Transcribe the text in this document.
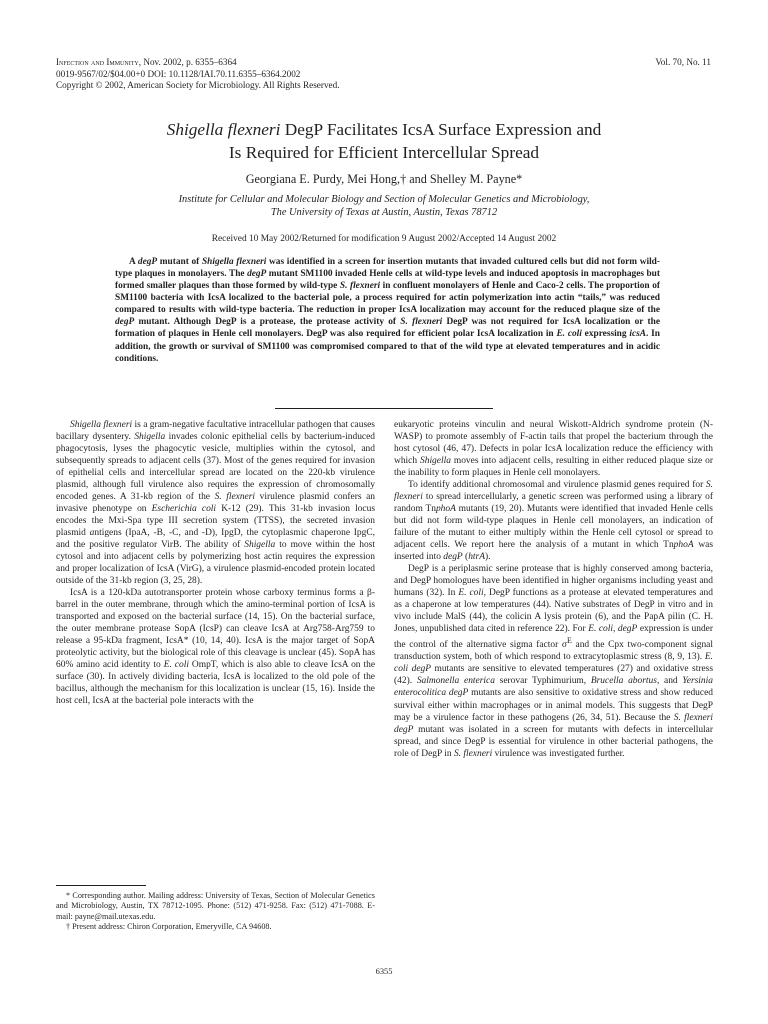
Infection and Immunity, Nov. 2002, p. 6355–6364
0019-9567/02/$04.00+0 DOI: 10.1128/IAI.70.11.6355–6364.2002
Copyright © 2002, American Society for Microbiology. All Rights Reserved.
Vol. 70, No. 11
Shigella flexneri DegP Facilitates IcsA Surface Expression and
Is Required for Efficient Intercellular Spread
Georgiana E. Purdy, Mei Hong,† and Shelley M. Payne*
Institute for Cellular and Molecular Biology and Section of Molecular Genetics and Microbiology,
The University of Texas at Austin, Austin, Texas 78712
Received 10 May 2002/Returned for modification 9 August 2002/Accepted 14 August 2002

A degP mutant of Shigella flexneri was identified in a screen for insertion mutants that invaded cultured cells but did not form wild-type plaques in monolayers. The degP mutant SM1100 invaded Henle cells at wild-type levels and induced apoptosis in macrophages but formed smaller plaques than those formed by wild-type S. flexneri in confluent monolayers of Henle and Caco-2 cells. The proportion of SM1100 bacteria with IcsA localized to the bacterial pole, a process required for actin polymerization into actin “tails,” was reduced compared to results with wild-type bacteria. The reduction in proper IcsA localization may account for the reduced plaque size of the degP mutant. Although DegP is a protease, the protease activity of S. flexneri DegP was not required for IcsA localization or the formation of plaques in Henle cell monolayers. DegP was also required for efficient polar IcsA localization in E. coli expressing icsA. In addition, the growth or survival of SM1100 was compromised compared to that of the wild type at elevated temperatures and in acidic conditions.

Shigella flexneri is a gram-negative facultative intracellular pathogen that causes bacillary dysentery. Shigella invades colonic epithelial cells by bacterium-induced phagocytosis, lyses the phagocytic vesicle, multiplies within the cytosol, and subsequently spreads to adjacent cells (37). Most of the genes required for invasion of epithelial cells and intercellular spread are located on the 220-kb virulence plasmid, although full virulence also requires the expression of chromosomally encoded genes. A 31-kb region of the S. flexneri virulence plasmid confers an invasive phenotype on Escherichia coli K-12 (29). This 31-kb invasion locus encodes the Mxi-Spa type III secretion system (TTSS), the secreted invasion plasmid antigens (IpaA, -B, -C, and -D), IpgD, the cytoplasmic chaperone IpgC, and the positive regulator VirB. The ability of Shigella to move within the host cytosol and into adjacent cells by polymerizing host actin requires the expression and proper localization of IcsA (VirG), a virulence plasmid-encoded protein located outside of the 31-kb region (3, 25, 28).

IcsA is a 120-kDa autotransporter protein whose carboxy terminus forms a β-barrel in the outer membrane, through which the amino-terminal portion of IcsA is transported and exposed on the bacterial surface (14, 15). On the bacterial surface, the outer membrane protease SopA (IcsP) can cleave IcsA at Arg758-Arg759 to release a 95-kDa fragment, IcsA* (10, 14, 40). IcsA is the major target of SopA proteolytic activity, but the biological role of this cleavage is unclear (45). SopA has 60% amino acid identity to E. coli OmpT, which is also able to cleave IcsA on the surface (30). In actively dividing bacteria, IcsA is localized to the old pole of the bacillus, although the mechanism for this localization is unclear (15, 16). Inside the host cell, IcsA at the bacterial pole interacts with the

* Corresponding author. Mailing address: University of Texas, Section of Molecular Genetics and Microbiology, Austin, TX 78712-1095. Phone: (512) 471-9258. Fax: (512) 471-7088. E-mail: payne@mail.utexas.edu.

† Present address: Chiron Corporation, Emeryville, CA 94608.

eukaryotic proteins vinculin and neural Wiskott-Aldrich syndrome protein (N-WASP) to promote assembly of F-actin tails that propel the bacterium through the host cytosol (46, 47). Defects in polar IcsA localization reduce the efficiency with which Shigella moves into adjacent cells, resulting in either reduced plaque size or the inability to form plaques in Henle cell monolayers.

To identify additional chromosomal and virulence plasmid genes required for S. flexneri to spread intercellularly, a genetic screen was performed using a library of random TnphoA mutants (19, 20). Mutants were identified that invaded Henle cells but did not form wild-type plaques in Henle cell monolayers, an indication of failure of the mutant to either multiply within the Henle cell cytosol or spread to adjacent cells. We report here the analysis of a mutant in which TnphoA was inserted into degP (htrA).

DegP is a periplasmic serine protease that is highly conserved among bacteria, and DegP homologues have been identified in higher organisms including yeast and humans (32). In E. coli, DegP functions as a protease at elevated temperatures and as a chaperone at low temperatures (44). Native substrates of DegP in vitro and in vivo include MalS (44), the colicin A lysis protein (6), and the PapA pilin (C. H. Jones, unpublished data cited in reference 22). For E. coli, degP expression is under the control of the alternative sigma factor $\sigma^E$ and the Cpx two-component signal transduction system, both of which respond to extracytoplasmic stress (8, 9, 13). E. coli degP mutants are sensitive to elevated temperatures (27) and oxidative stress (42). Salmonella enterica serovar Typhimurium, Brucella abortus, and Yersinia enterocolitica degP mutants are also sensitive to oxidative stress and show reduced survival either within macrophages or in animal models. This suggests that DegP may be a virulence factor in these pathogens (26, 34, 51). Because the S. flexneri degP mutant was isolated in a screen for mutants with defects in intercellular spread, and since DegP is essential for virulence in other bacterial pathogens, the role of DegP in S. flexneri virulence was investigated further.

6355
